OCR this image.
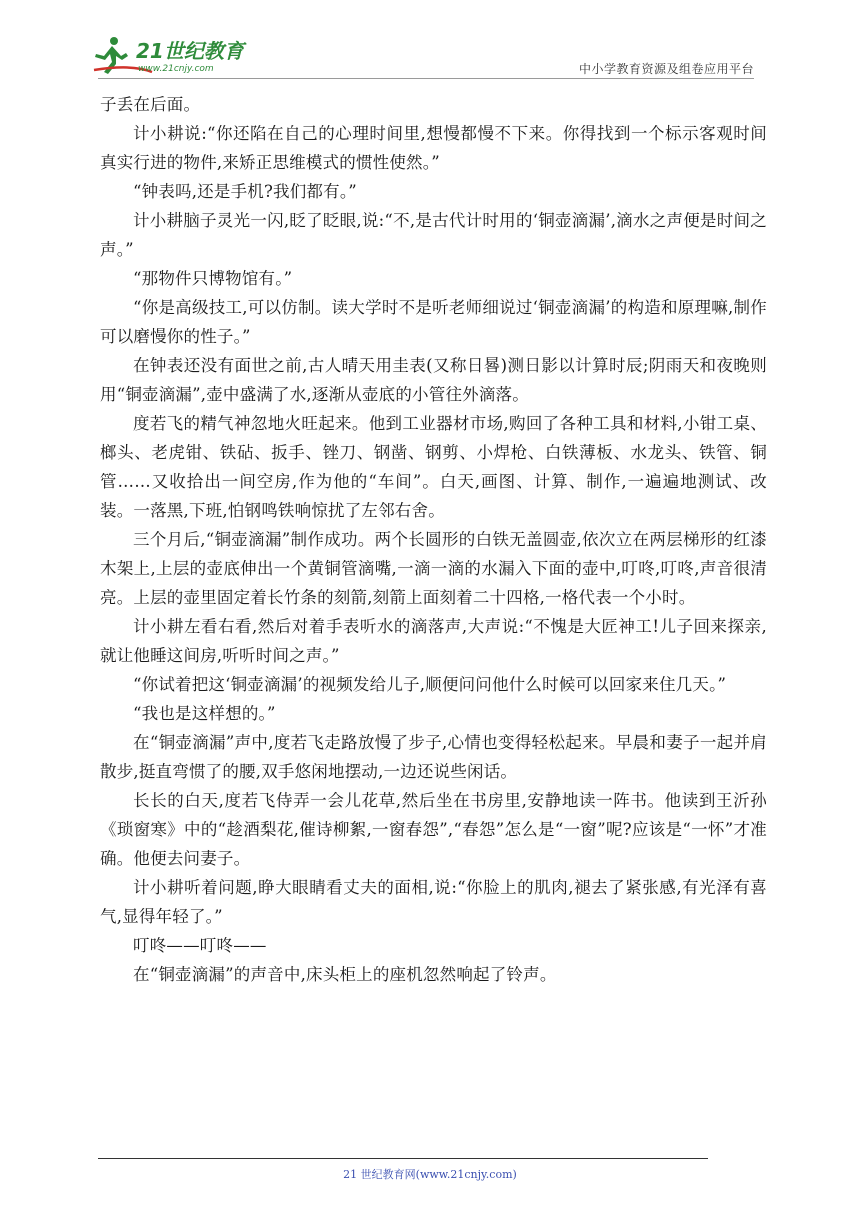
21世纪教育
www.21cnjy.com	中小学教育资源及组卷应用平台

子丢在后面。

计小耕说:“你还陷在自己的心理时间里,想慢都慢不下来。你得找到一个标示客观时间真实行进的物件,来矫正思维模式的惯性使然。”

“钟表吗,还是手机?我们都有。”

计小耕脑子灵光一闪,眨了眨眼,说:“不,是古代计时用的‘铜壶滴漏’,滴水之声便是时间之声。”

“那物件只博物馆有。”

“你是高级技工,可以仿制。读大学时不是听老师细说过‘铜壶滴漏’的构造和原理嘛,制作可以磨慢你的性子。”

在钟表还没有面世之前,古人晴天用圭表(又称日晷)测日影以计算时辰;阴雨天和夜晚则用“铜壶滴漏”,壶中盛满了水,逐渐从壶底的小管往外滴落。

度若飞的精气神忽地火旺起来。他到工业器材市场,购回了各种工具和材料,小钳工桌、榔头、老虎钳、铁砧、扳手、锉刀、钢凿、钢剪、小焊枪、白铁薄板、水龙头、铁管、铜管……又收拾出一间空房,作为他的“车间”。白天,画图、计算、制作,一遍遍地测试、改装。一落黑,下班,怕钢鸣铁响惊扰了左邻右舍。

三个月后,“铜壶滴漏”制作成功。两个长圆形的白铁无盖圆壶,依次立在两层梯形的红漆木架上,上层的壶底伸出一个黄铜管滴嘴,一滴一滴的水漏入下面的壶中,叮咚,叮咚,声音很清亮。上层的壶里固定着长竹条的刻箭,刻箭上面刻着二十四格,一格代表一个小时。

计小耕左看右看,然后对着手表听水的滴落声,大声说:“不愧是大匠神工!儿子回来探亲,就让他睡这间房,听听时间之声。”

“你试着把这‘铜壶滴漏’的视频发给儿子,顺便问问他什么时候可以回家来住几天。”

“我也是这样想的。”

在“铜壶滴漏”声中,度若飞走路放慢了步子,心情也变得轻松起来。早晨和妻子一起并肩散步,挺直弯惯了的腰,双手悠闲地摆动,一边还说些闲话。

长长的白天,度若飞侍弄一会儿花草,然后坐在书房里,安静地读一阵书。他读到王沂孙《琐窗寒》中的“趁酒梨花,催诗柳絮,一窗春怨”,“春怨”怎么是“一窗”呢?应该是“一怀”才准确。他便去问妻子。

计小耕听着问题,睁大眼睛看丈夫的面相,说:“你脸上的肌肉,褪去了紧张感,有光泽有喜气,显得年轻了。”

叮咚——叮咚——

在“铜壶滴漏”的声音中,床头柜上的座机忽然响起了铃声。

21 世纪教育网(www.21cnjy.com)
